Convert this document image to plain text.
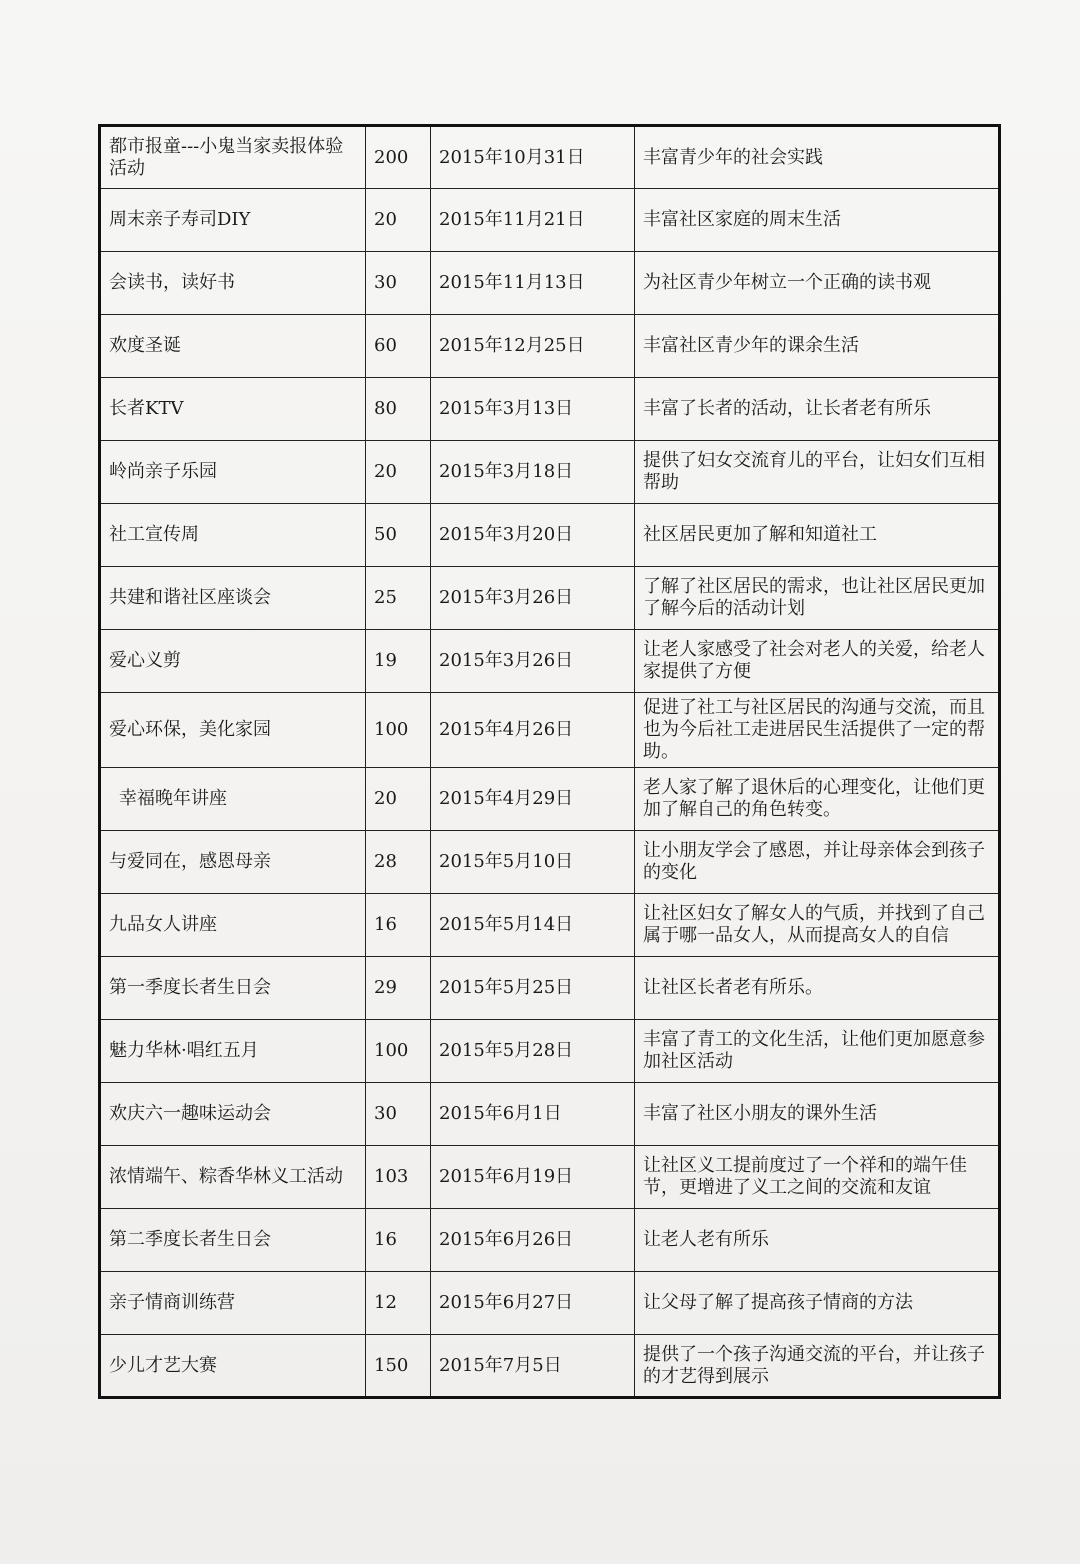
都市报童---小鬼当家卖报体验活动	200	2015年10月31日	丰富青少年的社会实践
周末亲子寿司DIY	20	2015年11月21日	丰富社区家庭的周末生活
会读书，读好书	30	2015年11月13日	为社区青少年树立一个正确的读书观
欢度圣诞	60	2015年12月25日	丰富社区青少年的课余生活
长者KTV	80	2015年3月13日	丰富了长者的活动，让长者老有所乐
岭尚亲子乐园	20	2015年3月18日	提供了妇女交流育儿的平台，让妇女们互相帮助
社工宣传周	50	2015年3月20日	社区居民更加了解和知道社工
共建和谐社区座谈会	25	2015年3月26日	了解了社区居民的需求，也让社区居民更加了解今后的活动计划
爱心义剪	19	2015年3月26日	让老人家感受了社会对老人的关爱，给老人家提供了方便
爱心环保，美化家园	100	2015年4月26日	促进了社工与社区居民的沟通与交流，而且也为今后社工走进居民生活提供了一定的帮助。
幸福晚年讲座	20	2015年4月29日	老人家了解了退休后的心理变化，让他们更加了解自己的角色转变。
与爱同在，感恩母亲	28	2015年5月10日	让小朋友学会了感恩，并让母亲体会到孩子的变化
九品女人讲座	16	2015年5月14日	让社区妇女了解女人的气质，并找到了自己属于哪一品女人，从而提高女人的自信
第一季度长者生日会	29	2015年5月25日	让社区长者老有所乐。
魅力华林·唱红五月	100	2015年5月28日	丰富了青工的文化生活，让他们更加愿意参加社区活动
欢庆六一趣味运动会	30	2015年6月1日	丰富了社区小朋友的课外生活
浓情端午、粽香华林义工活动	103	2015年6月19日	让社区义工提前度过了一个祥和的端午佳节，更增进了义工之间的交流和友谊
第二季度长者生日会	16	2015年6月26日	让老人老有所乐
亲子情商训练营	12	2015年6月27日	让父母了解了提高孩子情商的方法
少儿才艺大赛	150	2015年7月5日	提供了一个孩子沟通交流的平台，并让孩子的才艺得到展示
